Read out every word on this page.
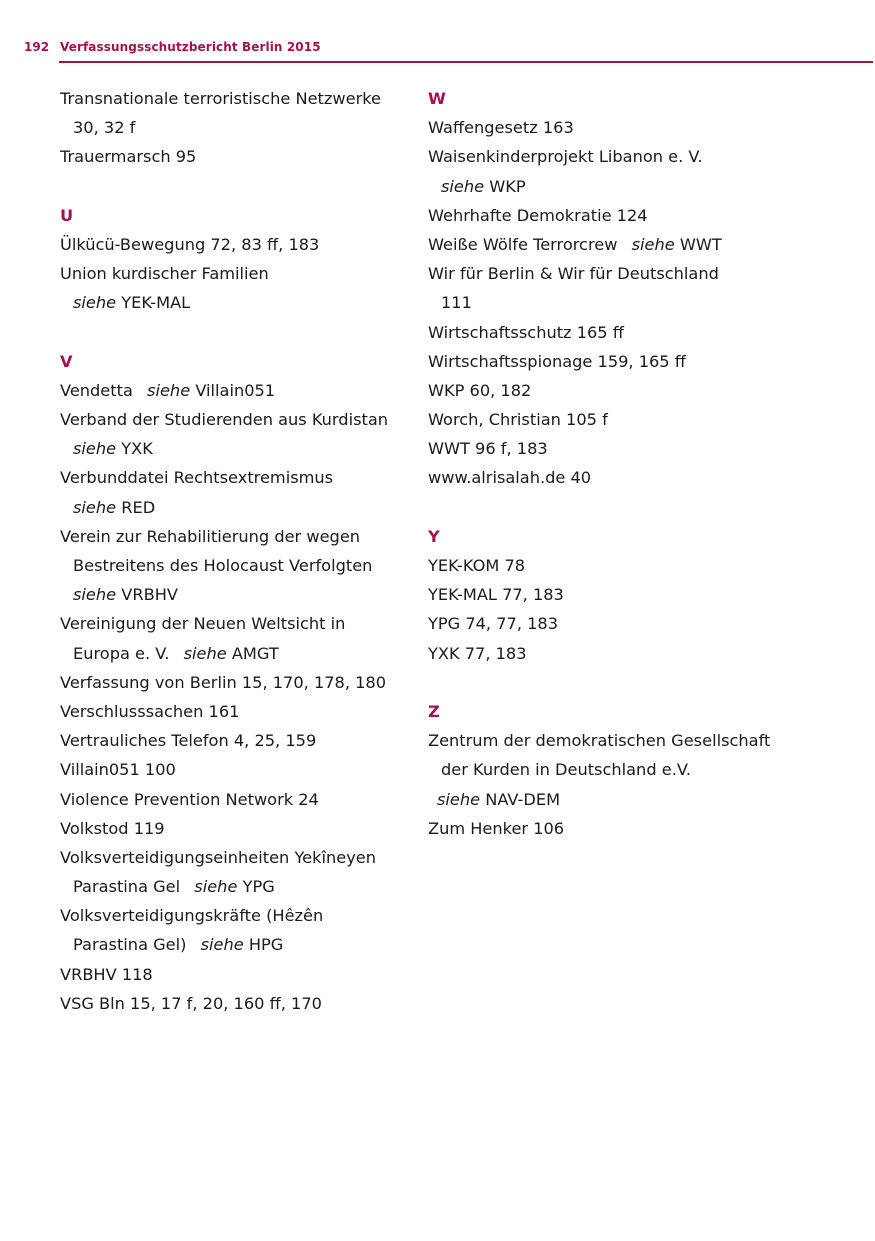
192 Verfassungsschutzbericht Berlin 2015
Transnationale terroristische Netzwerke
30, 32 f
Trauermarsch 95
U
Ülkücü-Bewegung 72, 83 ff, 183
Union kurdischer Familien
siehe YEK-MAL
V
Vendetta siehe Villain051
Verband der Studierenden aus Kurdistan
siehe YXK
Verbunddatei Rechtsextremismus
siehe RED
Verein zur Rehabilitierung der wegen
Bestreitens des Holocaust Verfolgten
siehe VRBHV
Vereinigung der Neuen Weltsicht in
Europa e. V. siehe AMGT
Verfassung von Berlin 15, 170, 178, 180
Verschlusssachen 161
Vertrauliches Telefon 4, 25, 159
Villain051 100
Violence Prevention Network 24
Volkstod 119
Volksverteidigungseinheiten Yekîneyen
Parastina Gel siehe YPG
Volksverteidigungskräfte (Hêzên
Parastina Gel) siehe HPG
VRBHV 118
VSG Bln 15, 17 f, 20, 160 ff, 170
W
Waffengesetz 163
Waisenkinderprojekt Libanon e. V.
siehe WKP
Wehrhafte Demokratie 124
Weiße Wölfe Terrorcrew siehe WWT
Wir für Berlin & Wir für Deutschland
111
Wirtschaftsschutz 165 ff
Wirtschaftsspionage 159, 165 ff
WKP 60, 182
Worch, Christian 105 f
WWT 96 f, 183
www.alrisalah.de 40
Y
YEK-KOM 78
YEK-MAL 77, 183
YPG 74, 77, 183
YXK 77, 183
Z
Zentrum der demokratischen Gesellschaft
der Kurden in Deutschland e.V.
siehe NAV-DEM
Zum Henker 106
